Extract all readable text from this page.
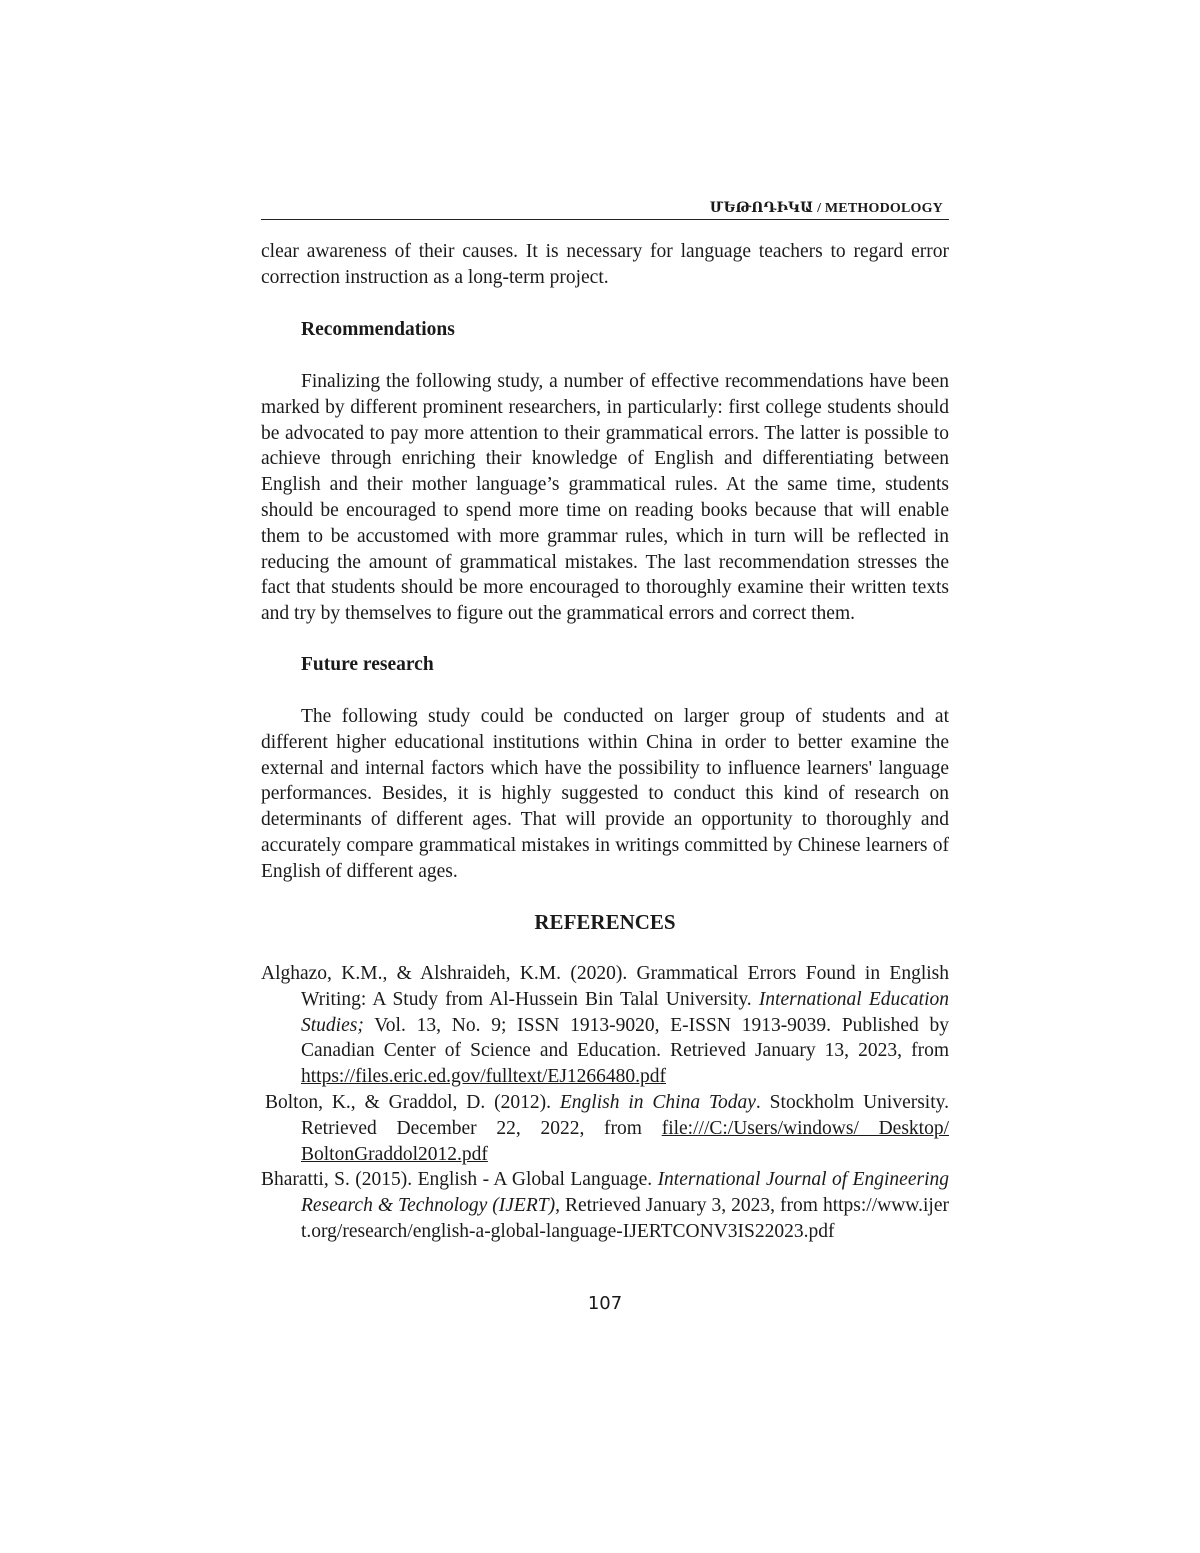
ՄԵԹՈԴԻԿԱ / METHODOLOGY

clear awareness of their causes. It is necessary for language teachers to regard error correction instruction as a long-term project.

Recommendations

Finalizing the following study, a number of effective recommendations have been marked by different prominent researchers, in particularly: first college students should be advocated to pay more attention to their grammatical errors. The latter is possible to achieve through enriching their knowledge of English and differentiating between English and their mother language’s grammatical rules. At the same time, students should be encouraged to spend more time on reading books because that will enable them to be accustomed with more grammar rules, which in turn will be reflected in reducing the amount of grammatical mistakes. The last recommendation stresses the fact that students should be more encouraged to thoroughly examine their written texts and try by themselves to figure out the grammatical errors and correct them.

Future research

The following study could be conducted on larger group of students and at different higher educational institutions within China in order to better examine the external and internal factors which have the possibility to influence learners' language performances. Besides, it is highly suggested to conduct this kind of research on determinants of different ages. That will provide an opportunity to thoroughly and accurately compare grammatical mistakes in writings committed by Chinese learners of English of different ages.

REFERENCES

Alghazo, K.M., & Alshraideh, K.M. (2020). Grammatical Errors Found in English Writing: A Study from Al-Hussein Bin Talal University. International Education Studies; Vol. 13, No. 9; ISSN 1913-9020, E-ISSN 1913-9039. Published by Canadian Center of Science and Education. Retrieved January 13, 2023, from https://files.eric.ed.gov/fulltext/EJ1266480.pdf

Bolton, K., & Graddol, D. (2012). English in China Today. Stockholm University. Retrieved December 22, 2022, from file:///C:/Users/windows/ Desktop/ BoltonGraddol2012.pdf

Bharatti, S. (2015). English - A Global Language. International Journal of Engineering Research & Technology (IJERT), Retrieved January 3, 2023, from https://www.ijert.org/research/english-a-global-language-IJERTCONV3IS22023.pdf

107
